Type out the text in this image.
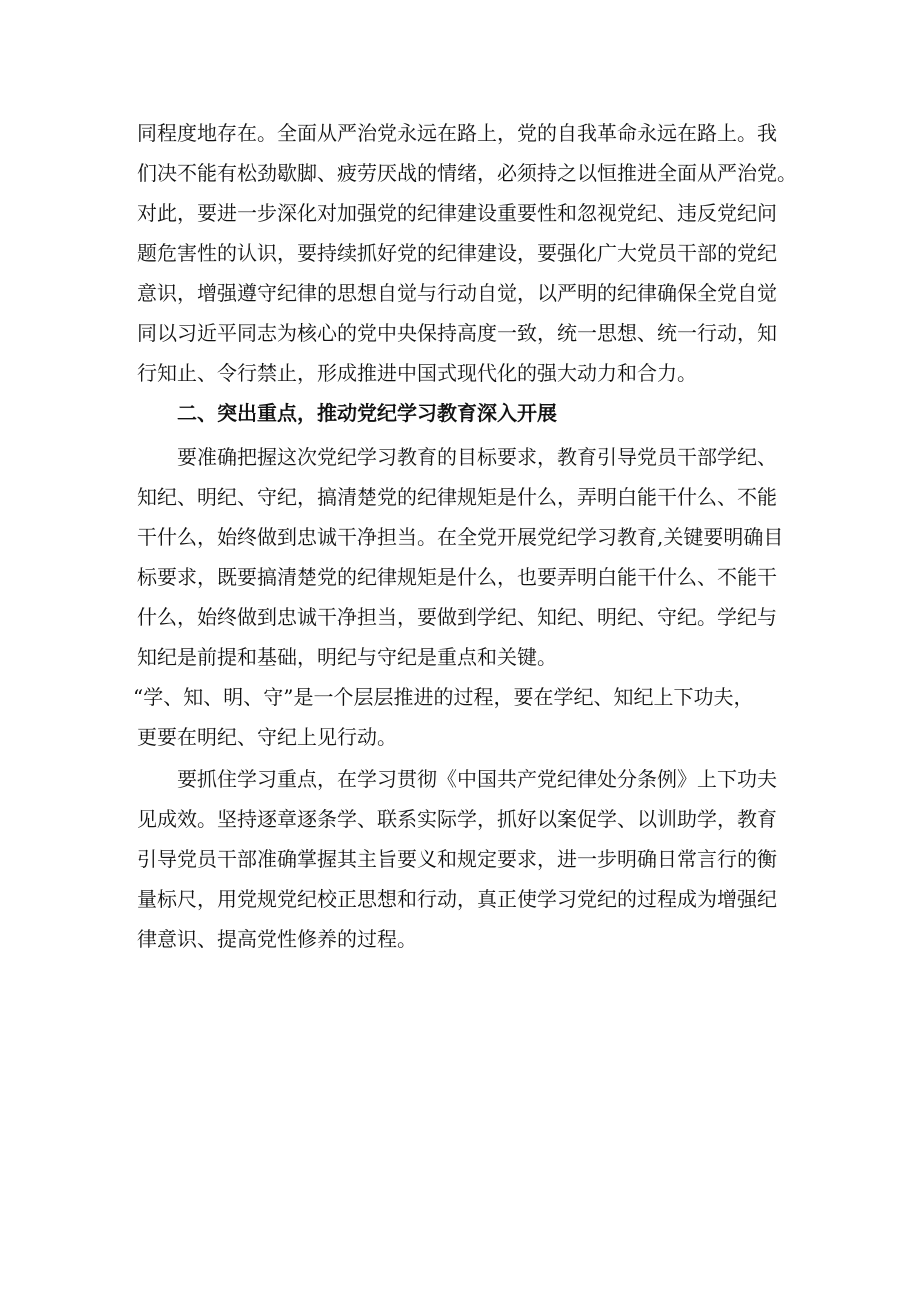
同程度地存在。全面从严治党永远在路上，党的自我革命永远在路上。我
们决不能有松劲歇脚、疲劳厌战的情绪，必须持之以恒推进全面从严治党。
对此，要进一步深化对加强党的纪律建设重要性和忽视党纪、违反党纪问
题危害性的认识，要持续抓好党的纪律建设，要强化广大党员干部的党纪
意识，增强遵守纪律的思想自觉与行动自觉，以严明的纪律确保全党自觉
同以习近平同志为核心的党中央保持高度一致，统一思想、统一行动，知
行知止、令行禁止，形成推进中国式现代化的强大动力和合力。
二、突出重点，推动党纪学习教育深入开展
要准确把握这次党纪学习教育的目标要求，教育引导党员干部学纪、
知纪、明纪、守纪，搞清楚党的纪律规矩是什么，弄明白能干什么、不能
干什么，始终做到忠诚干净担当。在全党开展党纪学习教育,关键要明确目
标要求，既要搞清楚党的纪律规矩是什么，也要弄明白能干什么、不能干
什么，始终做到忠诚干净担当，要做到学纪、知纪、明纪、守纪。学纪与
知纪是前提和基础，明纪与守纪是重点和关键。
“学、知、明、守”是一个层层推进的过程，要在学纪、知纪上下功夫，
更要在明纪、守纪上见行动。
要抓住学习重点，在学习贯彻《中国共产党纪律处分条例》上下功夫
见成效。坚持逐章逐条学、联系实际学，抓好以案促学、以训助学，教育
引导党员干部准确掌握其主旨要义和规定要求，进一步明确日常言行的衡
量标尺，用党规党纪校正思想和行动，真正使学习党纪的过程成为增强纪
律意识、提高党性修养的过程。
